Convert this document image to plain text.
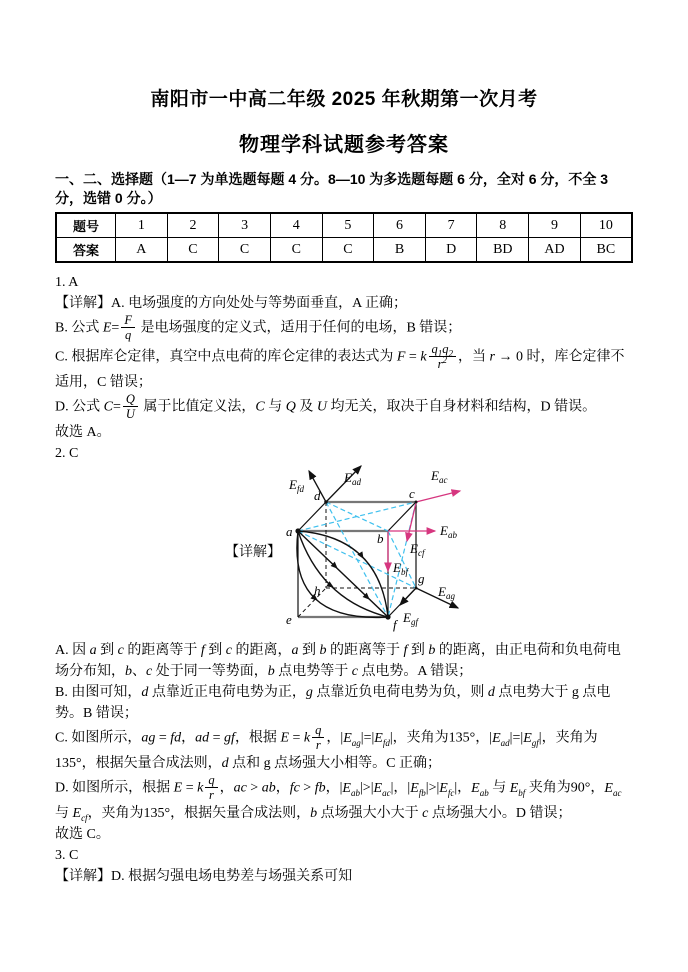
南阳市一中高二年级 2025 年秋期第一次月考
物理学科试题参考答案

一、二、选择题（1—7 为单选题每题 4 分。8—10 为多选题每题 6 分，全对 6 分，不全 3 分，选错 0 分。）

题号	1	2	3	4	5	6	7	8	9	10
答案	A	C	C	C	C	B	D	BD	AD	BC

1. A

【详解】A. 电场强度的方向处处与等势面垂直，A 正确；

B. 公式 $E= \frac{F}{q}$ 是电场强度的定义式，适用于任何的电场，B 错误；

C. 根据库仑定律，真空中点电荷的库仑定律的表达式为 F = k $\frac{q_1q_2}{r^2}$ ，当 r → 0 时，库仑定律不适用，C 错误；

D. 公式 $C= \frac{Q}{U}$ 属于比值定义法，C 与 Q 及 U 均无关，取决于自身材料和结构，D 错误。

故选 A。

2. C

【详解】
$E_{fd}$
$E_{ad}$	$E_{ac}$
$E_{ab}$
$E_{cf}$
$E_{bf}$
$E_{ag}$
$E_{gf}$
a	b
c
d
e	f
g
h

A. 因 a 到 c 的距离等于 f 到 c 的距离，a 到 b 的距离等于 f 到 b 的距离，由正电荷和负电荷电场分布知，b、c 处于同一等势面，b 点电势等于 c 点电势。A 错误；

B. 由图可知，d 点靠近正电荷电势为正，g 点靠近负电荷电势为负，则 d 点电势大于 g 点电势。B 错误；

C. 如图所示，ag = fd，ad = gf，根据 E = k $\frac{q}{r}$ ，$|E_{ag}|=|E_{fd}|$，夹角为135°，$|E_{ad}|=|E_{gf}|$，夹角为135°，根据矢量合成法则，d 点和 g 点场强大小相等。C 正确；

D. 如图所示，根据 E = k $\frac{q}{r}$ ，ac > ab，fc > fb，$|E_{ab}|>|E_{ac}|$，$|E_{fb}|>|E_{fc}|$，$E_{ab}$ 与 $E_{bf}$ 夹角为90°，$E_{ac}$ 与 $E_{cf}$，夹角为135°，根据矢量合成法则，b 点场强大小大于 c 点场强大小。D 错误；

故选 C。

3. C

【详解】D. 根据匀强电场电势差与场强关系可知
